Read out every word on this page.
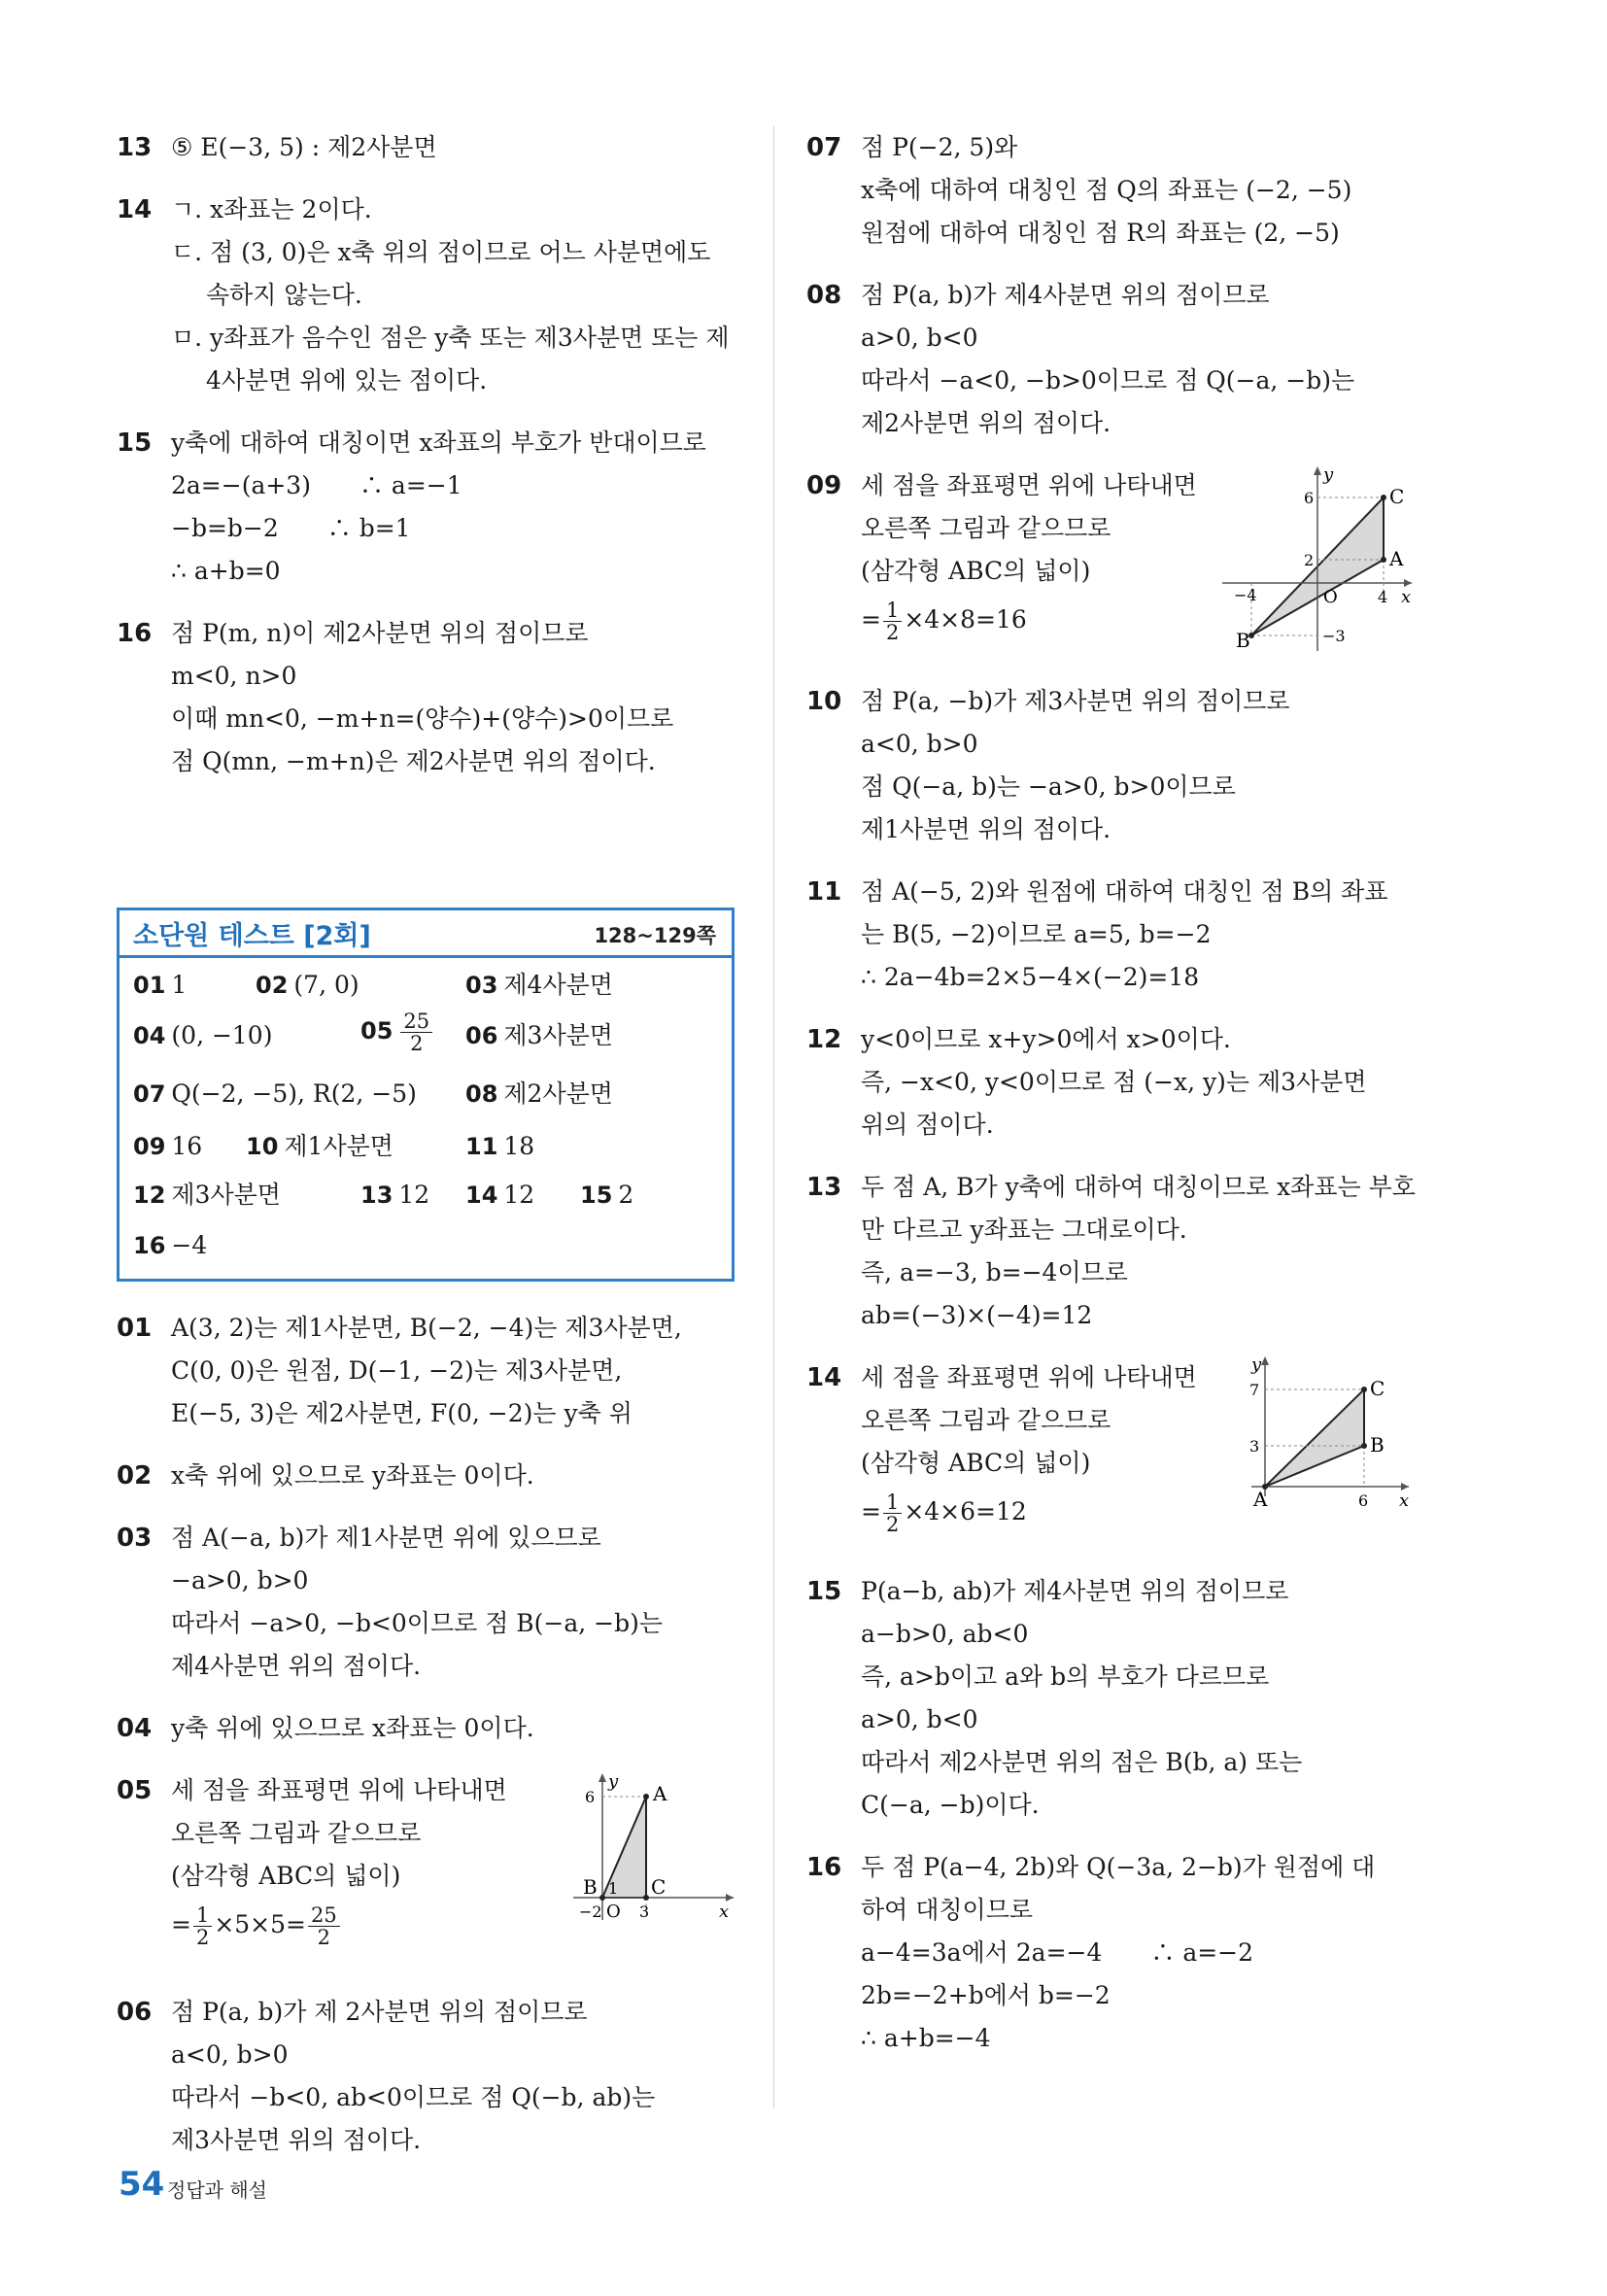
13 ⑤ E(−3, 5) : 제2사분면
14 ㄱ. x좌표는 2이다.
ㄷ. 점 (3, 0)은 x축 위의 점이므로 어느 사분면에도 속하지 않는다.
ㅁ. y좌표가 음수인 점은 y축 또는 제3사분면 또는 제4사분면 위에 있는 점이다.
15 y축에 대하여 대칭이면 x좌표의 부호가 반대이므로
2a=−(a+3)　　∴ a=−1
−b=b−2　　∴ b=1
∴ a+b=0
16 점 P(m, n)이 제2사분면 위의 점이므로
m<0, n>0
이때 mn<0, −m+n=(양수)+(양수)>0이므로
점 Q(mn, −m+n)은 제2사분면 위의 점이다.
소단원 테스트 [2회]	128~129쪽
01 1	02 (7, 0)	03 제4사분면
04 (0, −10)	$05 \frac{25}{2} 06$ 제3사분면
07 Q(−2, −5), R(2, −5) 08 제2사분면
09 16 10 제1사분면	11 18
12 제3사분면	13 12 14 12 15 2
16 −4
01 A(3, 2)는 제1사분면, B(−2, −4)는 제3사분면,
C(0, 0)은 원점, D(−1, −2)는 제3사분면,
E(−5, 3)은 제2사분면, F(0, −2)는 y축 위
02 x축 위에 있으므로 y좌표는 0이다.
03 점 A(−a, b)가 제1사분면 위에 있으므로
−a>0, b>0
따라서 −a>0, −b<0이므로 점 B(−a, −b)는
제4사분면 위의 점이다.
04 y축 위에 있으므로 x좌표는 0이다.
05 세 점을 좌표평면 위에 나타내면
오른쪽 그림과 같으므로
(삼각형 ABC의 넓이)
= $\frac{1}{2} \times 5\times 5= \frac{25}{2}$
A
C
B
y
x
6
1
−2 O 3
06 점 P(a, b)가 제 2사분면 위의 점이므로
a<0, b>0
따라서 −b<0, ab<0이므로 점 Q(−b, ab)는
제3사분면 위의 점이다.
07 점 P(−2, 5)와
x축에 대하여 대칭인 점 Q의 좌표는 (−2, −5)
원점에 대하여 대칭인 점 R의 좌표는 (2, −5)
08 점 P(a, b)가 제4사분면 위의 점이므로
a>0, b<0
따라서 −a<0, −b>0이므로 점 Q(−a, −b)는
제2사분면 위의 점이다.
09 세 점을 좌표평면 위에 나타내면
오른쪽 그림과 같으므로
(삼각형 ABC의 넓이)
= $\frac{1}{2} \times 4\times 8=16$
C
A
B
y
x
6
2
−4	4
−3
O
10 점 P(a, −b)가 제3사분면 위의 점이므로
a<0, b>0
점 Q(−a, b)는 −a>0, b>0이므로
제1사분면 위의 점이다.
11 점 A(−5, 2)와 원점에 대하여 대칭인 점 B의 좌표
는 B(5, −2)이므로 a=5, b=−2
∴ 2a−4b=2×5−4×(−2)=18
12 y<0이므로 x+y>0에서 x>0이다.
즉, −x<0, y<0이므로 점 (−x, y)는 제3사분면
위의 점이다.
13 두 점 A, B가 y축에 대하여 대칭이므로 x좌표는 부호
만 다르고 y좌표는 그대로이다.
즉, a=−3, b=−4이므로
ab=(−3)×(−4)=12
14 세 점을 좌표평면 위에 나타내면
오른쪽 그림과 같으므로
(삼각형 ABC의 넓이)
= $\frac{1}{2} \times 4\times 6=12$
C
B
A
y
x
7
3
6
15 P(a−b, ab)가 제4사분면 위의 점이므로
a−b>0, ab<0
즉, a>b이고 a와 b의 부호가 다르므로
a>0, b<0
따라서 제2사분면 위의 점은 B(b, a) 또는
C(−a, −b)이다.
16 두 점 P(a−4, 2b)와 Q(−3a, 2−b)가 원점에 대
하여 대칭이므로
a−4=3a에서 2a=−4　　∴ a=−2
2b=−2+b에서 b=−2
∴ a+b=−4
54 정답과 해설
